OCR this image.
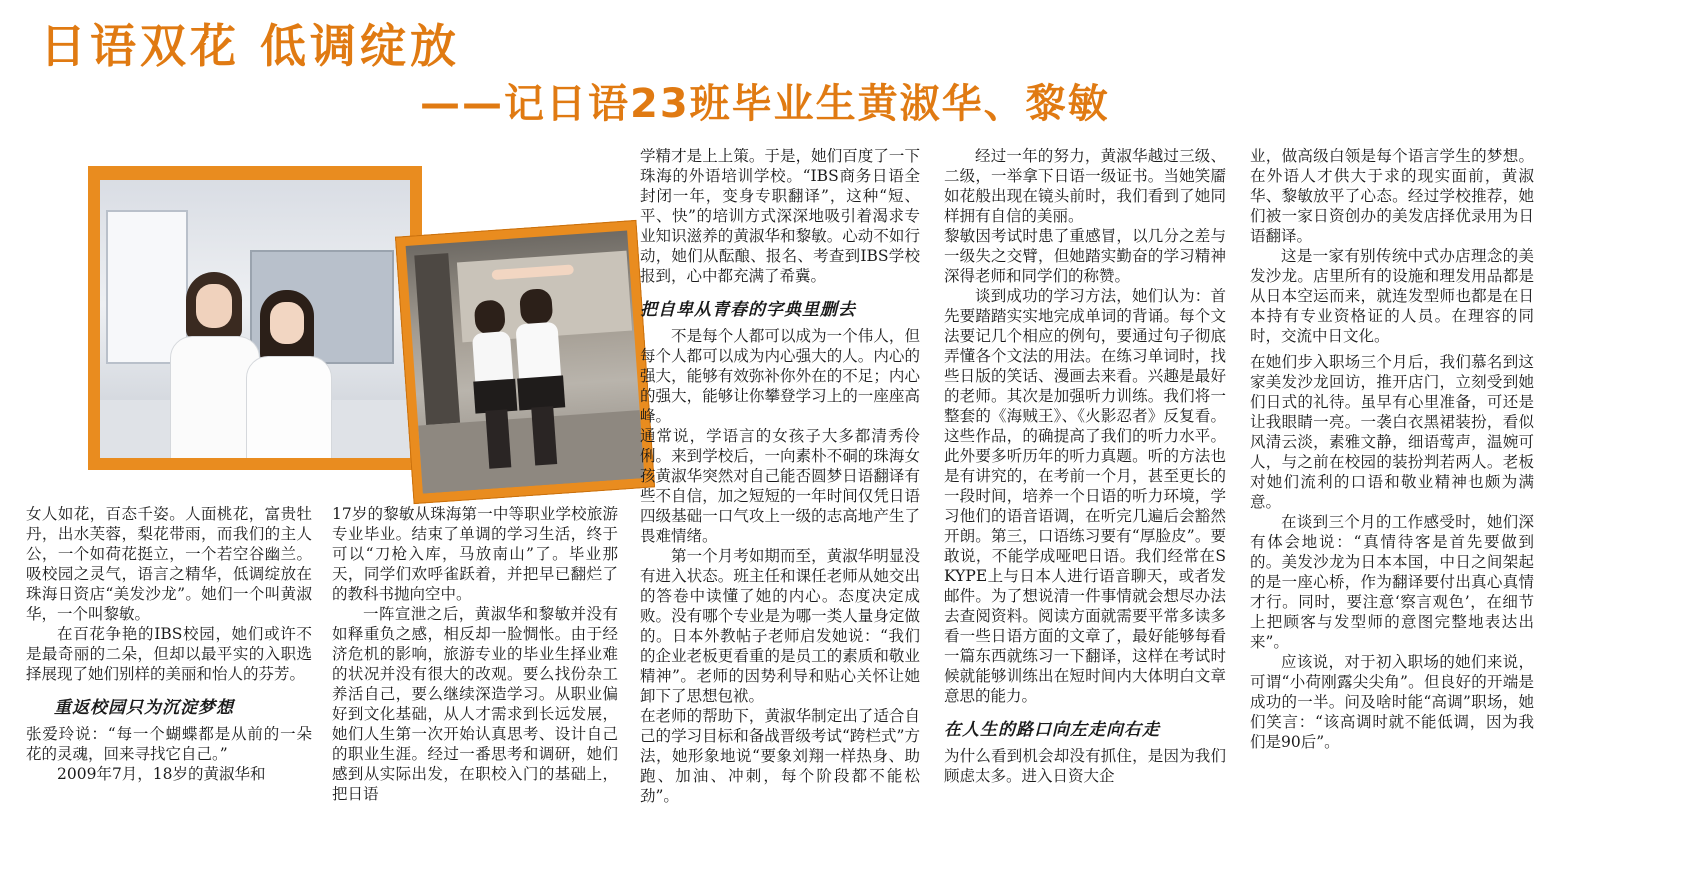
日语双花 低调绽放
——记日语23班毕业生黄淑华、黎敏

学精才是上上策。于是，她们百度了一下珠海的外语培训学校。“IBS商务日语全封闭一年，变身专职翻译”，这种“短、平、快”的培训方式深深地吸引着渴求专业知识滋养的黄淑华和黎敏。心动不如行动，她们从酝酿、报名、考查到IBS学校报到，心中都充满了希冀。

把自卑从青春的字典里删去

不是每个人都可以成为一个伟人，但每个人都可以成为内心强大的人。内心的强大，能够有效弥补你外在的不足；内心的强大，能够让你攀登学习上的一座座高峰。

通常说，学语言的女孩子大多都清秀伶俐。来到学校后，一向素朴不硐的珠海女孩黄淑华突然对自己能否圆梦日语翻译有些不自信，加之短短的一年时间仅凭日语四级基础一口气攻上一级的志高地产生了畏难情绪。

第一个月考如期而至，黄淑华明显没有进入状态。班主任和课任老师从她交出的答卷中读懂了她的内心。态度决定成败。没有哪个专业是为哪一类人量身定做的。日本外教帖子老师启发她说：“我们的企业老板更看重的是员工的素质和敬业精神”。老师的因势利导和贴心关怀让她卸下了思想包袱。

在老师的帮助下，黄淑华制定出了适合自己的学习目标和备战晋级考试“跨栏式”方法，她形象地说“要象刘翔一样热身、助跑、加油、冲刺，每个阶段都不能松劲”。

经过一年的努力，黄淑华越过三级、二级，一举拿下日语一级证书。当她笑靥如花般出现在镜头前时，我们看到了她同样拥有自信的美丽。

黎敏因考试时患了重感冒，以几分之差与一级失之交臂，但她踏实勤奋的学习精神深得老师和同学们的称赞。

谈到成功的学习方法，她们认为：首先要踏踏实实地完成单词的背诵。每个文法要记几个相应的例句，要通过句子彻底弄懂各个文法的用法。在练习单词时，找些日版的笑话、漫画去来看。兴趣是最好的老师。其次是加强听力训练。我们将一整套的《海贼王》、《火影忍者》反复看。这些作品，的确提高了我们的听力水平。此外要多听历年的听力真题。听的方法也是有讲究的，在考前一个月，甚至更长的一段时间，培养一个日语的听力环境，学习他们的语音语调，在听完几遍后会豁然开朗。第三，口语练习要有“厚脸皮”。要敢说，不能学成哑吧日语。我们经常在SKYPE上与日本人进行语音聊天，或者发邮件。为了想说清一件事情就会想尽办法去查阅资料。阅读方面就需要平常多读多看一些日语方面的文章了，最好能够每看一篇东西就练习一下翻译，这样在考试时候就能够训练出在短时间内大体明白文章意思的能力。

在人生的路口向左走向右走

为什么看到机会却没有抓住，是因为我们顾虑太多。进入日资大企

业，做高级白领是每个语言学生的梦想。在外语人才供大于求的现实面前，黄淑华、黎敏放平了心态。经过学校推荐，她们被一家日资创办的美发店择优录用为日语翻译。

这是一家有别传统中式办店理念的美发沙龙。店里所有的设施和理发用品都是从日本空运而来，就连发型师也都是在日本持有专业资格证的人员。在理容的同时，交流中日文化。

在她们步入职场三个月后，我们慕名到这家美发沙龙回访，推开店门，立刻受到她们日式的礼待。虽早有心里准备，可还是让我眼睛一亮。一袭白衣黑裙装扮，看似风清云淡，素雅文静，细语莺声，温婉可人，与之前在校园的装扮判若两人。老板对她们流利的口语和敬业精神也颇为满意。

在谈到三个月的工作感受时，她们深有体会地说：“真情待客是首先要做到的。美发沙龙为日本本国，中日之间架起的是一座心桥，作为翻译要付出真心真情才行。同时，要注意‘察言观色’，在细节上把顾客与发型师的意图完整地表达出来”。

应该说，对于初入职场的她们来说，可谓“小荷刚露尖尖角”。但良好的开端是成功的一半。问及啥时能“高调”职场，她们笑言：“该高调时就不能低调，因为我们是90后”。

女人如花，百态千姿。人面桃花，富贵牡丹，出水芙蓉，梨花带雨，而我们的主人公，一个如荷花挺立，一个若空谷幽兰。吸校园之灵气，语言之精华，低调绽放在珠海日资店“美发沙龙”。她们一个叫黄淑华，一个叫黎敏。

在百花争艳的IBS校园，她们或许不是最奇丽的二朵，但却以最平实的入职选择展现了她们别样的美丽和怡人的芬芳。

重返校园只为沉淀梦想

张爱玲说：“每一个蝴蝶都是从前的一朵花的灵魂，回来寻找它自己。”

2009年7月，18岁的黄淑华和

17岁的黎敏从珠海第一中等职业学校旅游专业毕业。结束了单调的学习生活，终于可以“刀枪入库，马放南山”了。毕业那天，同学们欢呼雀跃着，并把早已翻烂了的教科书抛向空中。

一阵宣泄之后，黄淑华和黎敏并没有如释重负之感，相反却一脸惆怅。由于经济危机的影响，旅游专业的毕业生择业难的状况并没有很大的改观。要么找份杂工养活自己，要么继续深造学习。从职业偏好到文化基础，从人才需求到长远发展，她们人生第一次开始认真思考、设计自己的职业生涯。经过一番思考和调研，她们感到从实际出发，在职校入门的基础上，把日语
